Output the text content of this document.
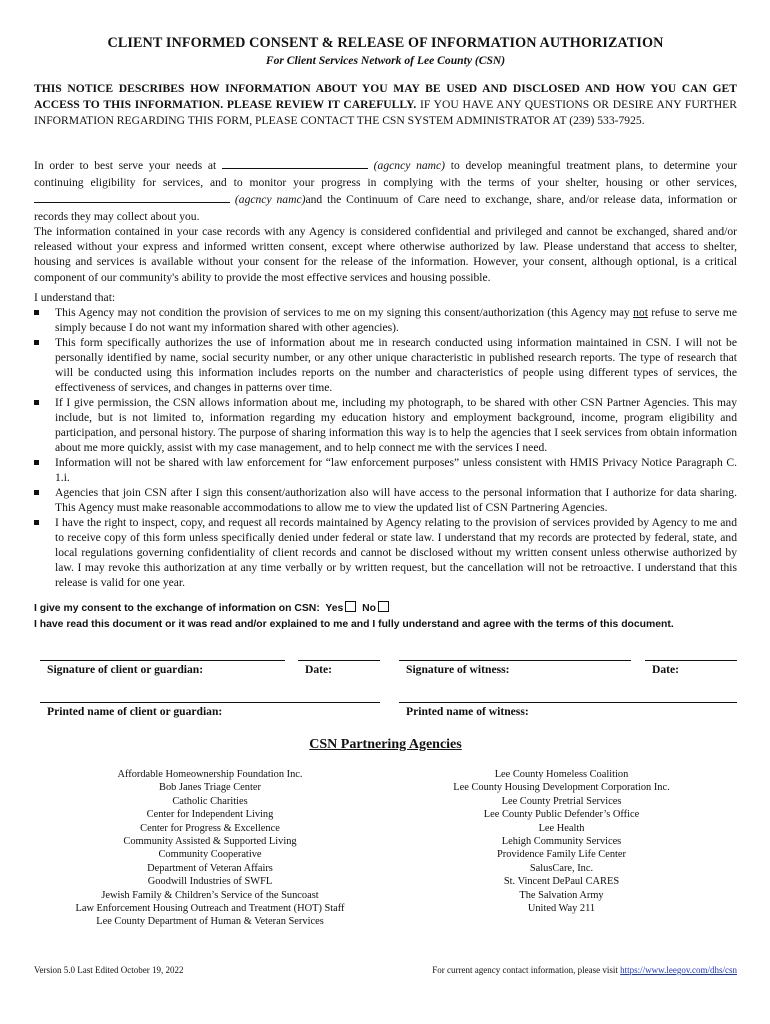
CLIENT INFORMED CONSENT & RELEASE OF INFORMATION AUTHORIZATION
For Client Services Network of Lee County (CSN)
THIS NOTICE DESCRIBES HOW INFORMATION ABOUT YOU MAY BE USED AND DISCLOSED AND HOW YOU CAN GET ACCESS TO THIS INFORMATION. PLEASE REVIEW IT CAREFULLY. IF YOU HAVE ANY QUESTIONS OR DESIRE ANY FURTHER INFORMATION REGARDING THIS FORM, PLEASE CONTACT THE CSN SYSTEM ADMINISTRATOR AT (239) 533-7925.
In order to best serve your needs at	(agcncy namc) to develop meaningful treatment plans, to determine your continuing eligibility for services, and to monitor your progress in complying with the terms of your shelter, housing or other services,  (agcncy namc)and the Continuum of Care need to exchange, share, and/or release data, information or records they may collect about you.
The information contained in your case records with any Agency is considered confidential and privileged and cannot be exchanged, shared and/or released without your express and informed written consent, except where otherwise authorized by law. Please understand that access to shelter, housing and services is available without your consent for the release of the information. However, your consent, although optional, is a critical component of our community's ability to provide the most effective services and housing possible.
I understand that:
This Agency may not condition the provision of services to me on my signing this consent/authorization (this Agency may not refuse to serve me simply because I do not want my information shared with other agencies).
This form specifically authorizes the use of information about me in research conducted using information maintained in CSN. I will not be personally identified by name, social security number, or any other unique characteristic in published research reports. The type of research that will be conducted using this information includes reports on the number and characteristics of people using different types of services, the effectiveness of services, and changes in patterns over time.
If I give permission, the CSN allows information about me, including my photograph, to be shared with other CSN Partner Agencies. This may include, but is not limited to, information regarding my education history and employment background, income, program eligibility and participation, and personal history. The purpose of sharing information this way is to help the agencies that I seek services from obtain information about me more quickly, assist with my case management, and to help connect me with the services I need.
Information will not be shared with law enforcement for “law enforcement purposes” unless consistent with HMIS Privacy Notice Paragraph C. 1.i.
Agencies that join CSN after I sign this consent/authorization also will have access to the personal information that I authorize for data sharing. This Agency must make reasonable accommodations to allow me to view the updated list of CSN Partnering Agencies.
I have the right to inspect, copy, and request all records maintained by Agency relating to the provision of services provided by Agency to me and to receive copy of this form unless specifically denied under federal or state law. I understand that my records are protected by federal, state, and local regulations governing confidentiality of client records and cannot be disclosed without my written consent unless otherwise authorized by law. I may revoke this authorization at any time verbally or by written request, but the cancellation will not be retroactive. I understand that this release is valid for one year.
I give my consent to the exchange of information on CSN: Yes No
I have read this document or it was read and/or explained to me and I fully understand and agree with the terms of this document.
Signature of client or guardian:	Date:	Signature of witness:	Date:
Printed name of client or guardian:	Printed name of witness:
CSN Partnering Agencies
Affordable Homeownership Foundation Inc.
Bob Janes Triage Center
Catholic Charities
Center for Independent Living
Center for Progress & Excellence
Community Assisted & Supported Living
Community Cooperative
Department of Veteran Affairs
Goodwill Industries of SWFL
Jewish Family & Children’s Service of the Suncoast
Law Enforcement Housing Outreach and Treatment (HOT) Staff
Lee County Department of Human & Veteran Services
Lee County Homeless Coalition
Lee County Housing Development Corporation Inc.
Lee County Pretrial Services
Lee County Public Defender’s Office
Lee Health
Lehigh Community Services
Providence Family Life Center
SalusCare, Inc.
St. Vincent DePaul CARES
The Salvation Army
United Way 211
Version 5.0 Last Edited October 19, 2022	For current agency contact information, please visit https://www.leegov.com/dhs/csn
